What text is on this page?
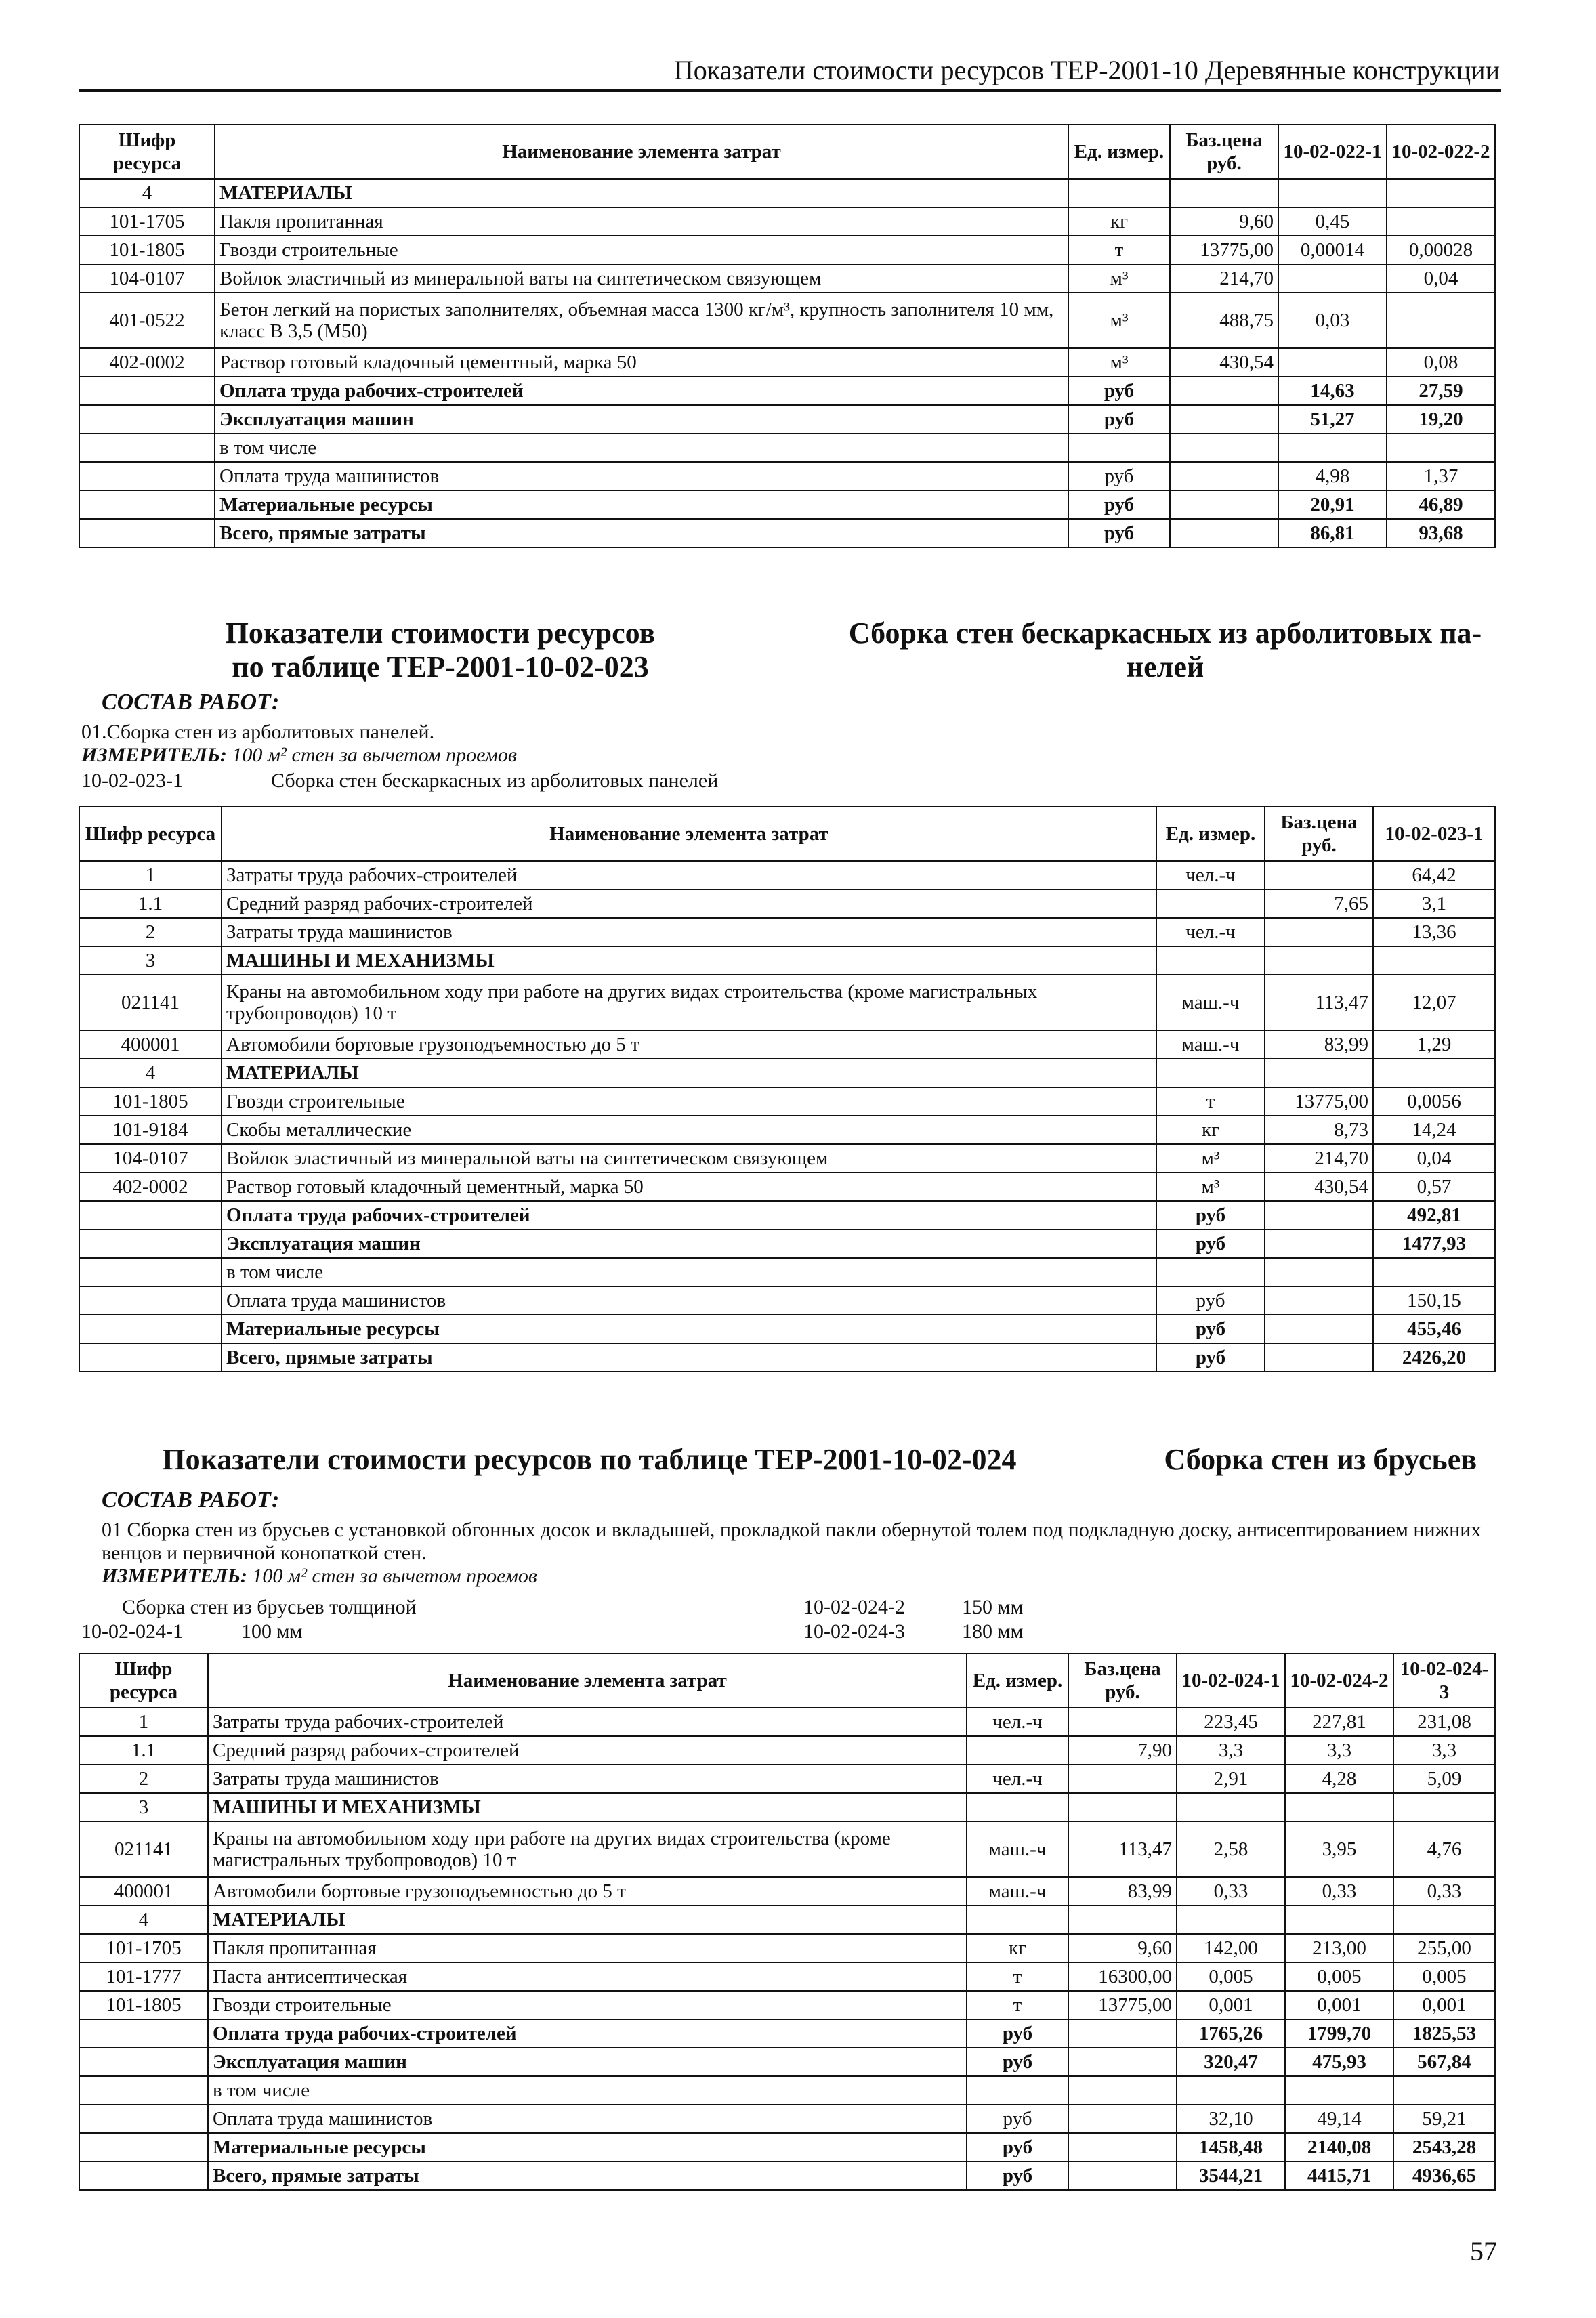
Показатели стоимости ресурсов ТЕР-2001-10 Деревянные конструкции
Шифр ресурса	Наименование элемента затрат	Ед. измер.	Баз.цена руб.	10-02-022-1	10-02-022-2
4	МАТЕРИАЛЫ				
101-1705	Пакля пропитанная	кг	9,60	0,45	
101-1805	Гвозди строительные	т	13775,00	0,00014	0,00028
104-0107	Войлок эластичный из минеральной ваты на синтетическом связующем	м³	214,70		0,04
401-0522	Бетон легкий на пористых заполнителях, объемная масса 1300 кг/м³, крупность заполнителя 10 мм, класс В 3,5 (М50)	м³	488,75	0,03	
402-0002	Раствор готовый кладочный цементный, марка 50	м³	430,54		0,08
	Оплата труда рабочих-строителей	руб		14,63	27,59
	Эксплуатация машин	руб		51,27	19,20
	в том числе				
	Оплата труда машинистов	руб		4,98	1,37
	Материальные ресурсы	руб		20,91	46,89
	Всего, прямые затраты	руб		86,81	93,68
Показатели стоимости ресурсов
по таблице ТЕР-2001-10-02-023
Сборка стен бескаркасных из арболитовых па-
нелей
СОСТАВ РАБОТ:
01.Сборка стен из арболитовых панелей.
ИЗМЕРИТЕЛЬ: 100 м² стен за вычетом проемов
10-02-023-1	Сборка стен бескаркасных из арболитовых панелей
Шифр ресурса	Наименование элемента затрат	Ед. измер.	Баз.цена руб.	10-02-023-1
1	Затраты труда рабочих-строителей	чел.-ч		64,42
1.1	Средний разряд рабочих-строителей		7,65	3,1
2	Затраты труда машинистов	чел.-ч		13,36
3	МАШИНЫ И МЕХАНИЗМЫ			
021141	Краны на автомобильном ходу при работе на других видах строительства (кроме магистральных трубопроводов) 10 т	маш.-ч	113,47	12,07
400001	Автомобили бортовые грузоподъемностью до 5 т	маш.-ч	83,99	1,29
4	МАТЕРИАЛЫ			
101-1805	Гвозди строительные	т	13775,00	0,0056
101-9184	Скобы металлические	кг	8,73	14,24
104-0107	Войлок эластичный из минеральной ваты на синтетическом связующем	м³	214,70	0,04
402-0002	Раствор готовый кладочный цементный, марка 50	м³	430,54	0,57
	Оплата труда рабочих-строителей	руб		492,81
	Эксплуатация машин	руб		1477,93
	в том числе			
	Оплата труда машинистов	руб		150,15
	Материальные ресурсы	руб		455,46
	Всего, прямые затраты	руб		2426,20
Показатели стоимости ресурсов по таблице ТЕР-2001-10-02-024	Сборка стен из брусьев
СОСТАВ РАБОТ:
01 Сборка стен из брусьев с установкой обгонных досок и вкладышей, прокладкой пакли обернутой толем под подкладную доску, антисептированием нижних венцов и первичной конопаткой стен.
ИЗМЕРИТЕЛЬ: 100 м² стен за вычетом проемов
Сборка стен из брусьев толщиной
10-02-024-1	100 мм
10-02-024-2	150 мм
10-02-024-3	180 мм
Шифр ресурса	Наименование элемента затрат	Ед. измер.	Баз.цена руб.	10-02-024-1	10-02-024-2	10-02-024-3
1	Затраты труда рабочих-строителей	чел.-ч		223,45	227,81	231,08
1.1	Средний разряд рабочих-строителей		7,90	3,3	3,3	3,3
2	Затраты труда машинистов	чел.-ч		2,91	4,28	5,09
3	МАШИНЫ И МЕХАНИЗМЫ					
021141	Краны на автомобильном ходу при работе на других видах строительства (кроме магистральных трубопроводов) 10 т	маш.-ч	113,47	2,58	3,95	4,76
400001	Автомобили бортовые грузоподъемностью до 5 т	маш.-ч	83,99	0,33	0,33	0,33
4	МАТЕРИАЛЫ					
101-1705	Пакля пропитанная	кг	9,60	142,00	213,00	255,00
101-1777	Паста антисептическая	т	16300,00	0,005	0,005	0,005
101-1805	Гвозди строительные	т	13775,00	0,001	0,001	0,001
	Оплата труда рабочих-строителей	руб		1765,26	1799,70	1825,53
	Эксплуатация машин	руб		320,47	475,93	567,84
	в том числе					
	Оплата труда машинистов	руб		32,10	49,14	59,21
	Материальные ресурсы	руб		1458,48	2140,08	2543,28
	Всего, прямые затраты	руб		3544,21	4415,71	4936,65
57
